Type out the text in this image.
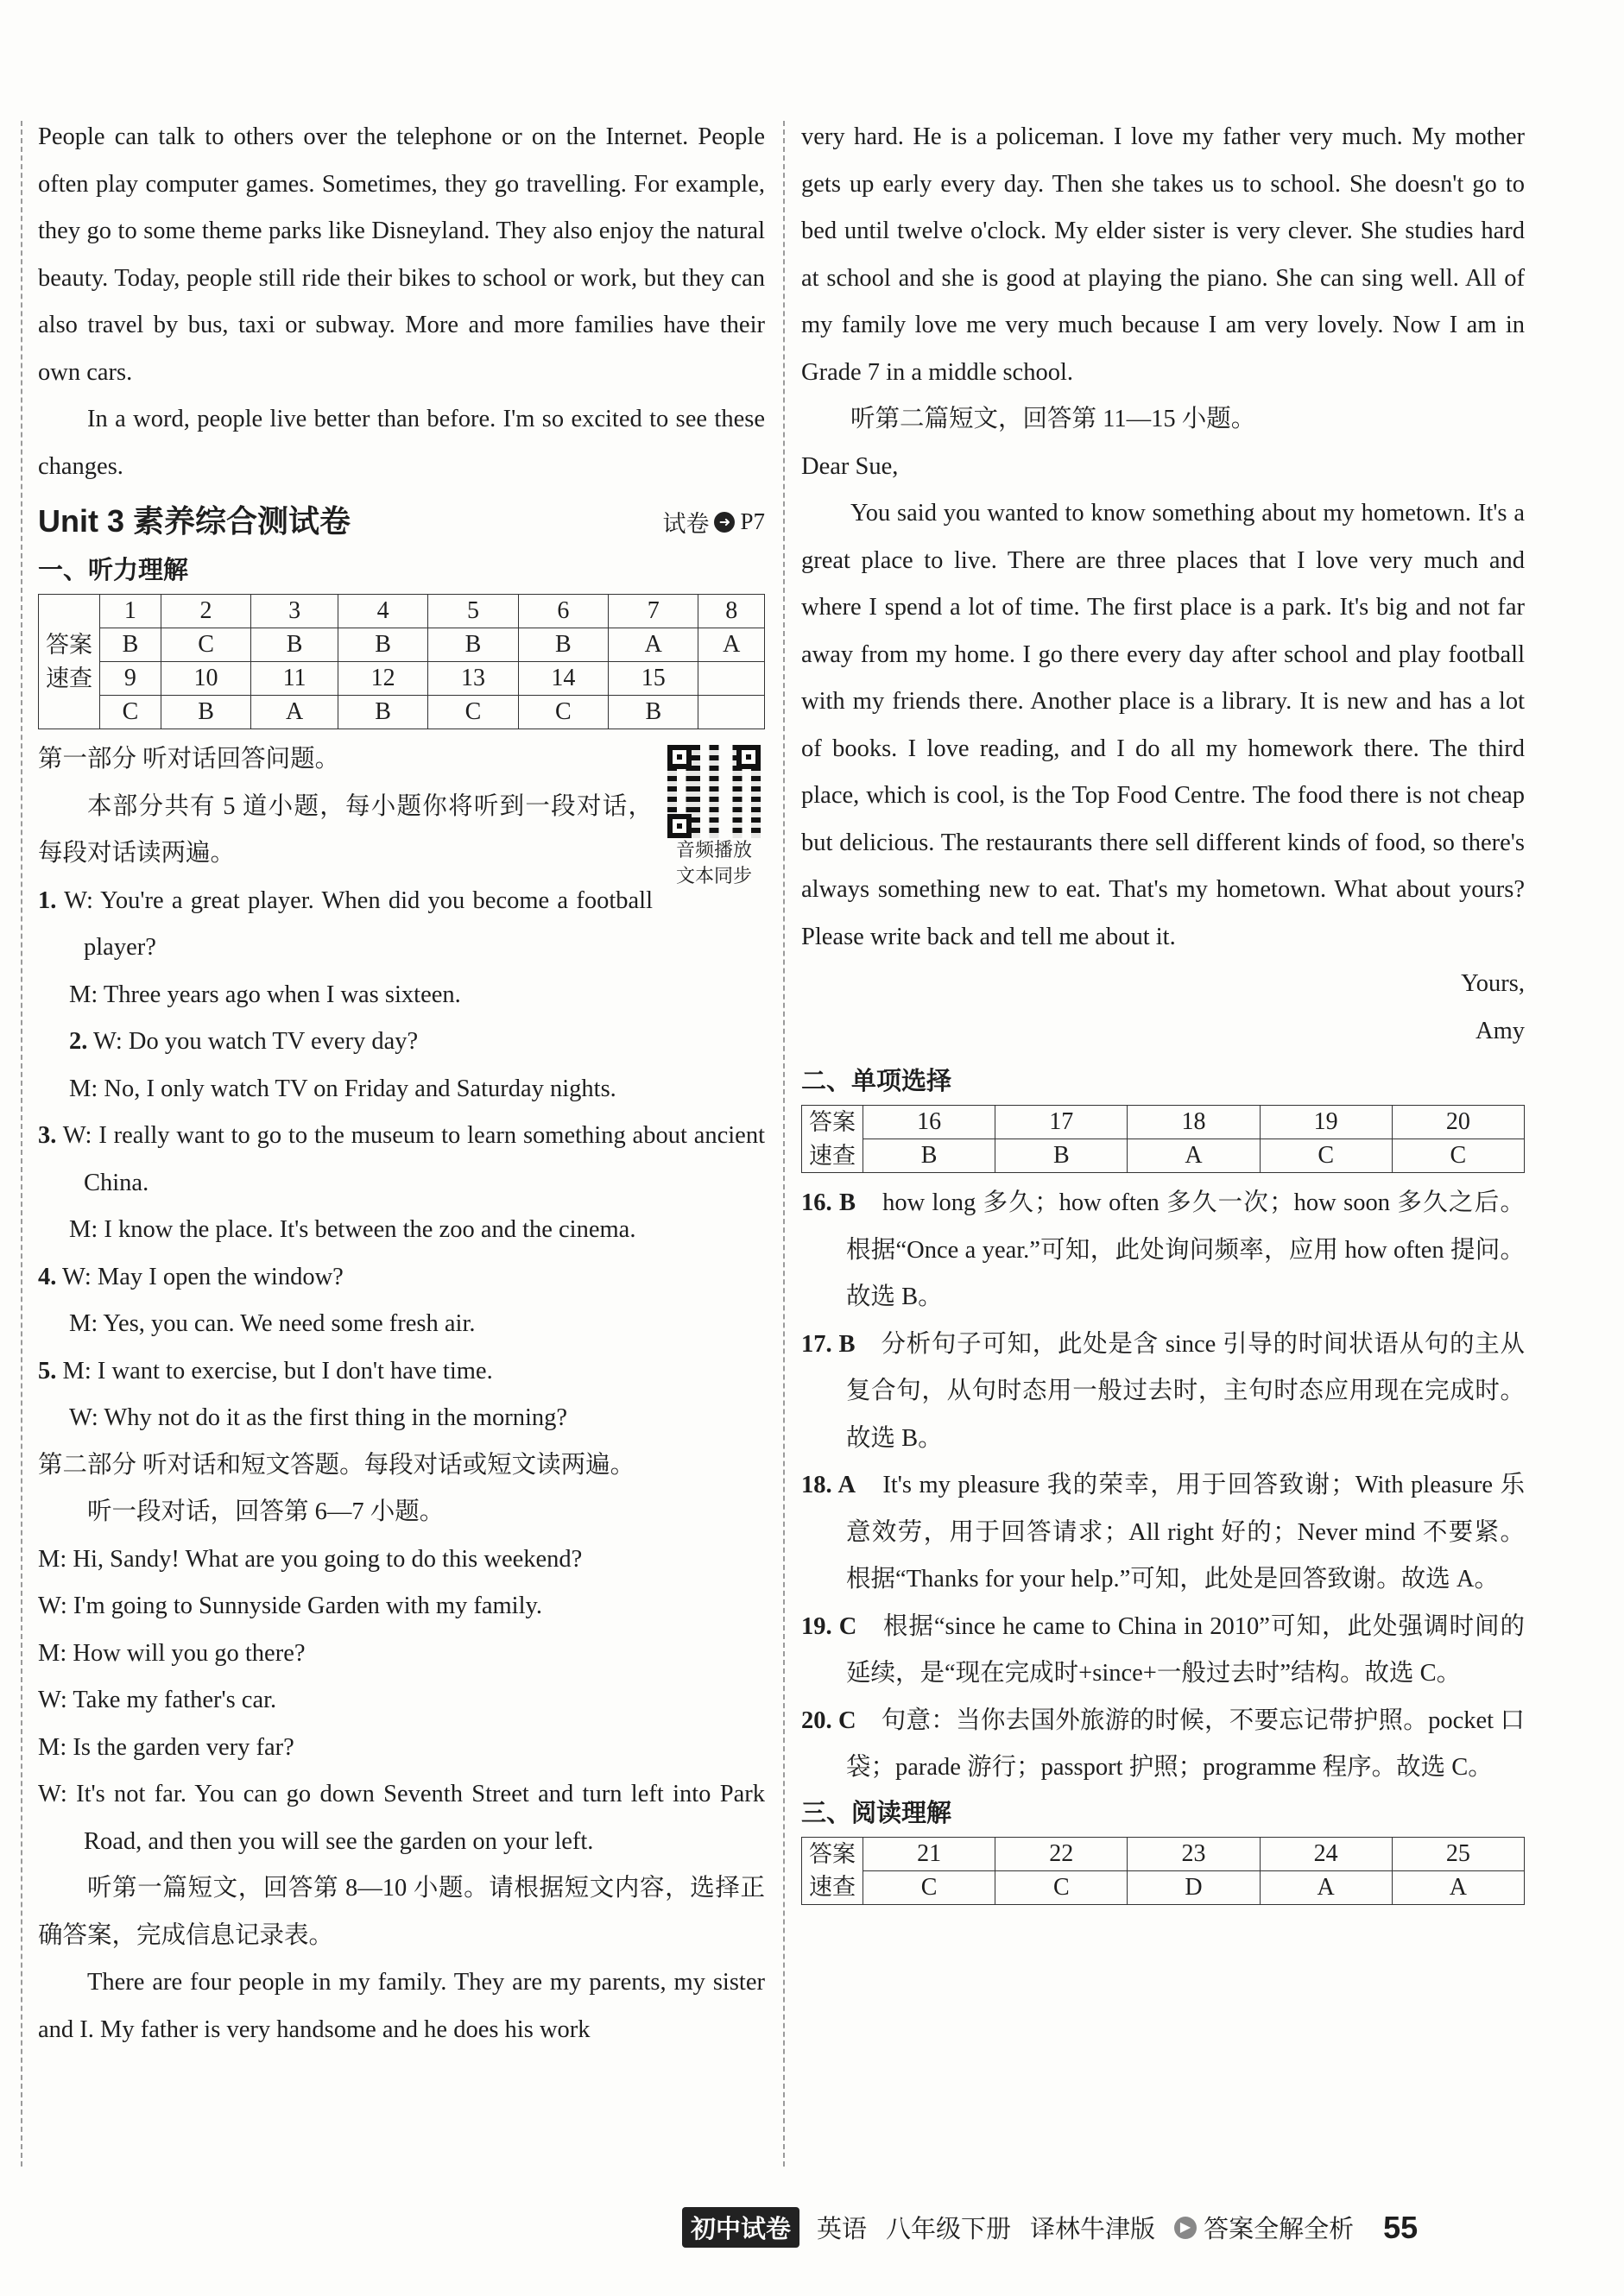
People can talk to others over the telephone or on the Internet. People often play computer games. Sometimes, they go travelling. For example, they go to some theme parks like Disneyland. They also enjoy the natural beauty. Today, people still ride their bikes to school or work, but they can also travel by bus, taxi or subway. More and more families have their own cars.

In a word, people live better than before. I'm so excited to see these changes.

Unit 3 素养综合测试卷	试卷 ➜ P7

一、听力理解

	1	2	3	4	5	6	7	8
答案	B	C	B	B	B	B	A	A
速查	9	10	11	12	13	14	15	
	C	B	A	B	C	C	B	
音频播放
文本同步

第一部分 听对话回答问题。

本部分共有 5 道小题，每小题你将听到一段对话，每段对话读两遍。

1. W: You're a great player. When did you become a football player?

M: Three years ago when I was sixteen.

2. W: Do you watch TV every day?

M: No, I only watch TV on Friday and Saturday nights.

3. W: I really want to go to the museum to learn something about ancient China.

M: I know the place. It's between the zoo and the cinema.

4. W: May I open the window?

M: Yes, you can. We need some fresh air.

5. M: I want to exercise, but I don't have time.

W: Why not do it as the first thing in the morning?

第二部分 听对话和短文答题。每段对话或短文读两遍。

听一段对话，回答第 6—7 小题。

M: Hi, Sandy! What are you going to do this weekend?

W: I'm going to Sunnyside Garden with my family.

M: How will you go there?

W: Take my father's car.

M: Is the garden very far?

W: It's not far. You can go down Seventh Street and turn left into Park Road, and then you will see the garden on your left.

听第一篇短文，回答第 8—10 小题。请根据短文内容，选择正确答案，完成信息记录表。

There are four people in my family. They are my parents, my sister and I. My father is very handsome and he does his work

very hard. He is a policeman. I love my father very much. My mother gets up early every day. Then she takes us to school. She doesn't go to bed until twelve o'clock. My elder sister is very clever. She studies hard at school and she is good at playing the piano. She can sing well. All of my family love me very much because I am very lovely. Now I am in Grade 7 in a middle school.

听第二篇短文，回答第 11—15 小题。

Dear Sue,

You said you wanted to know something about my hometown. It's a great place to live. There are three places that I love very much and where I spend a lot of time. The first place is a park. It's big and not far away from my home. I go there every day after school and play football with my friends there. Another place is a library. It is new and has a lot of books. I love reading, and I do all my homework there. The third place, which is cool, is the Top Food Centre. The food there is not cheap but delicious. The restaurants there sell different kinds of food, so there's always something new to eat. That's my hometown. What about yours? Please write back and tell me about it.

Yours,

Amy

二、单项选择

答案	16	17	18	19	20
速查	B	B	A	C	C

16. B　 how long 多久；how often 多久一次；how soon 多久之后。根据“Once a year.”可知，此处询问频率，应用 how often 提问。故选 B。

17. B　 分析句子可知，此处是含 since 引导的时间状语从句的主从复合句，从句时态用一般过去时，主句时态应用现在完成时。故选 B。

18. A　 It's my pleasure 我的荣幸，用于回答致谢；With pleasure 乐意效劳，用于回答请求；All right 好的；Never mind 不要紧。根据“Thanks for your help.”可知，此处是回答致谢。故选 A。

19. C　 根据“since he came to China in 2010”可知，此处强调时间的延续，是“现在完成时+since+一般过去时”结构。故选 C。

20. C　 句意：当你去国外旅游的时候，不要忘记带护照。pocket 口袋；parade 游行；passport 护照；programme 程序。故选 C。

三、阅读理解

答案	21	22	23	24	25
速查	C	C	D	A	A
初中试卷	英语 八年级下册 译林牛津版	▶ 答案全解全析 55
